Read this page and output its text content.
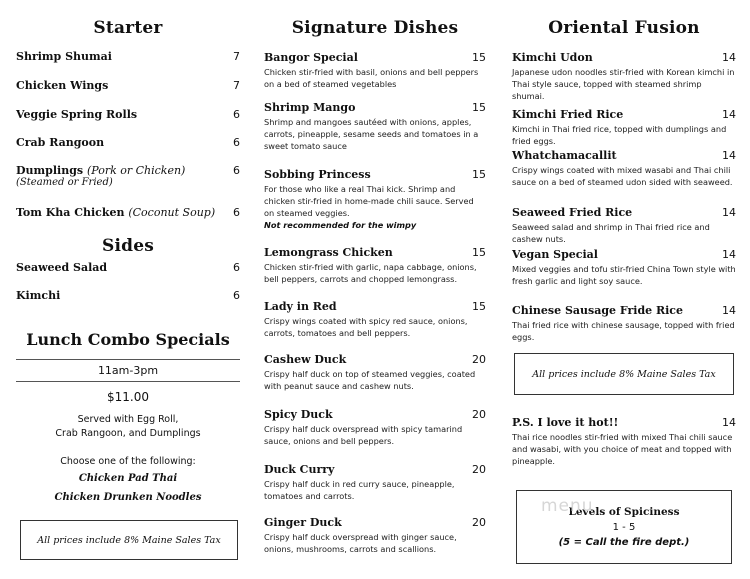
Starter
Shrimp Shumai	7
Chicken Wings	7
Veggie Spring Rolls	6
Crab Rangoon	6
Dumplings (Pork or Chicken)	6
(Steamed or Fried)
Tom Kha Chicken (Coconut Soup) 6
Sides
Seaweed Salad	6
Kimchi	6
Lunch Combo Specials
11am-3pm
$11.00
Served with Egg Roll,
Crab Rangoon, and Dumplings
Choose one of the following:
Chicken Pad Thai
Chicken Drunken Noodles
All prices include 8% Maine Sales Tax
Signature Dishes
Bangor Special	15
Chicken stir-fried with basil, onions and bell peppers on a bed of steamed vegetables
Shrimp Mango	15
Shrimp and mangoes sautéed with onions, apples, carrots, pineapple, sesame seeds and tomatoes in a sweet tomato sauce
Sobbing Princess	15
For those who like a real Thai kick. Shrimp and chicken stir-fried in home-made chili sauce. Served on steamed veggies.
Not recommended for the wimpy
Lemongrass Chicken	15
Chicken stir-fried with garlic, napa cabbage, onions, bell peppers, carrots and chopped lemongrass.
Lady in Red	15
Crispy wings coated with spicy red sauce, onions, carrots, tomatoes and bell peppers.
Cashew Duck	20
Crispy half duck on top of steamed veggies, coated with peanut sauce and cashew nuts.
Spicy Duck	20
Crispy half duck overspread with spicy tamarind sauce, onions and bell peppers.
Duck Curry	20
Crispy half duck in red curry sauce, pineapple, tomatoes and carrots.
Ginger Duck	20
Crispy half duck overspread with ginger sauce, onions, mushrooms, carrots and scallions.
Oriental Fusion
Kimchi Udon	14
Japanese udon noodles stir-fried with Korean kimchi in Thai style sauce, topped with steamed shrimp shumai.
Kimchi Fried Rice	14
Kimchi in Thai fried rice, topped with dumplings and fried eggs.
Whatchamacallit	14
Crispy wings coated with mixed wasabi and Thai chili sauce on a bed of steamed udon sided with seaweed.
Seaweed Fried Rice	14
Seaweed salad and shrimp in Thai fried rice and cashew nuts.
Vegan Special	14
Mixed veggies and tofu stir-fried China Town style with fresh garlic and light soy sauce.
Chinese Sausage Fride Rice	14
Thai fried rice with chinese sausage, topped with fried eggs.
All prices include 8% Maine Sales Tax
P.S. I love it hot!!	14
Thai rice noodles stir-fried with mixed Thai chili sauce and wasabi, with you choice of meat and topped with pineapple.
menu
Levels of Spiciness
1 - 5
(5 = Call the fire dept.)
